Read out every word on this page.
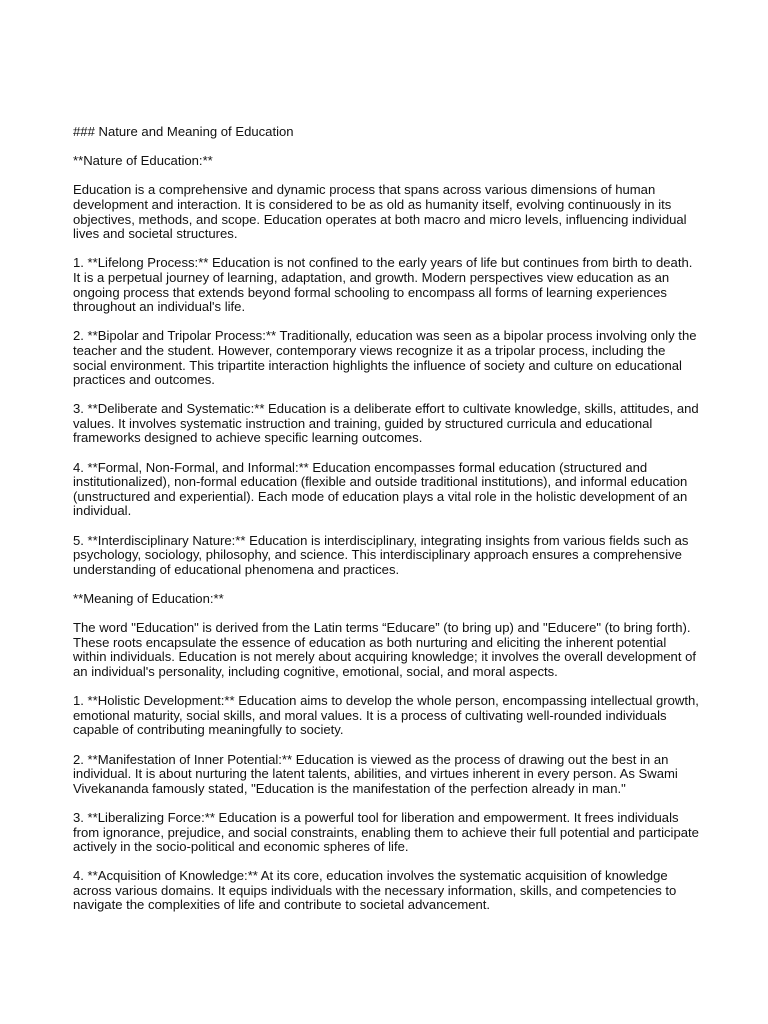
### Nature and Meaning of Education

**Nature of Education:**

Education is a comprehensive and dynamic process that spans across various dimensions of human development and interaction. It is considered to be as old as humanity itself, evolving continuously in its objectives, methods, and scope. Education operates at both macro and micro levels, influencing individual lives and societal structures.

1. **Lifelong Process:** Education is not confined to the early years of life but continues from birth to death. It is a perpetual journey of learning, adaptation, and growth. Modern perspectives view education as an ongoing process that extends beyond formal schooling to encompass all forms of learning experiences throughout an individual's life.

2. **Bipolar and Tripolar Process:** Traditionally, education was seen as a bipolar process involving only the teacher and the student. However, contemporary views recognize it as a tripolar process, including the social environment. This tripartite interaction highlights the influence of society and culture on educational practices and outcomes.

3. **Deliberate and Systematic:** Education is a deliberate effort to cultivate knowledge, skills, attitudes, and values. It involves systematic instruction and training, guided by structured curricula and educational frameworks designed to achieve specific learning outcomes.

4. **Formal, Non-Formal, and Informal:** Education encompasses formal education (structured and institutionalized), non-formal education (flexible and outside traditional institutions), and informal education (unstructured and experiential). Each mode of education plays a vital role in the holistic development of an individual.

5. **Interdisciplinary Nature:** Education is interdisciplinary, integrating insights from various fields such as psychology, sociology, philosophy, and science. This interdisciplinary approach ensures a comprehensive understanding of educational phenomena and practices.

**Meaning of Education:**

The word "Education" is derived from the Latin terms “Educare” (to bring up) and "Educere" (to bring forth). These roots encapsulate the essence of education as both nurturing and eliciting the inherent potential within individuals. Education is not merely about acquiring knowledge; it involves the overall development of an individual's personality, including cognitive, emotional, social, and moral aspects.

1. **Holistic Development:** Education aims to develop the whole person, encompassing intellectual growth, emotional maturity, social skills, and moral values. It is a process of cultivating well-rounded individuals capable of contributing meaningfully to society.

2. **Manifestation of Inner Potential:** Education is viewed as the process of drawing out the best in an individual. It is about nurturing the latent talents, abilities, and virtues inherent in every person. As Swami Vivekananda famously stated, "Education is the manifestation of the perfection already in man."

3. **Liberalizing Force:** Education is a powerful tool for liberation and empowerment. It frees individuals from ignorance, prejudice, and social constraints, enabling them to achieve their full potential and participate actively in the socio-political and economic spheres of life.

4. **Acquisition of Knowledge:** At its core, education involves the systematic acquisition of knowledge across various domains. It equips individuals with the necessary information, skills, and competencies to navigate the complexities of life and contribute to societal advancement.
